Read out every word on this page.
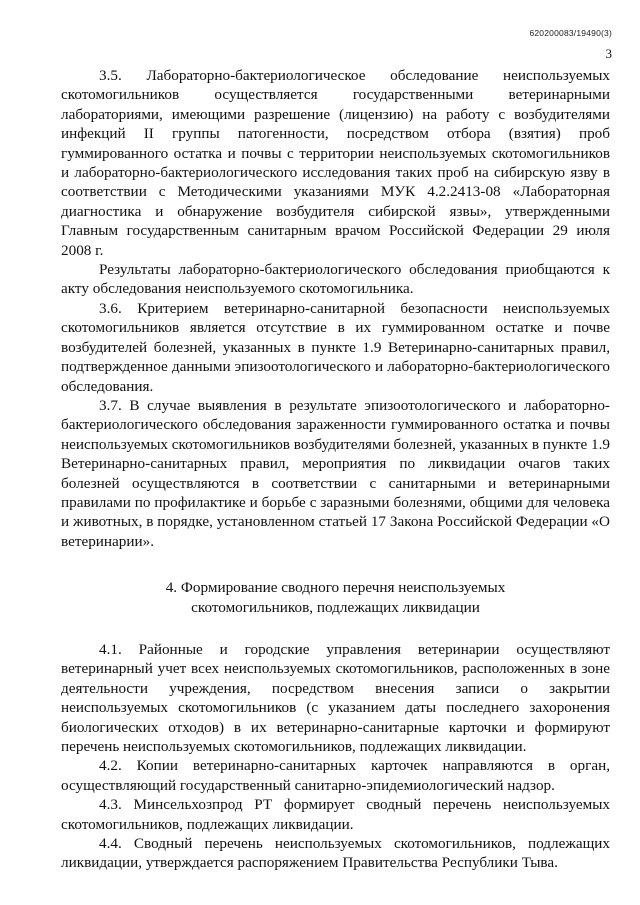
620200083/19490(3)
3

3.5. Лабораторно-бактериологическое обследование неиспользуемых скотомогильников осуществляется государственными ветеринарными лабораториями, имеющими разрешение (лицензию) на работу с возбудителями инфекций II группы патогенности, посредством отбора (взятия) проб гуммированного остатка и почвы с территории неиспользуемых скотомогильников и лабораторно-бактериологического исследования таких проб на сибирскую язву в соответствии с Методическими указаниями МУК 4.2.2413-08 «Лабораторная диагностика и обнаружение возбудителя сибирской язвы», утвержденными Главным государственным санитарным врачом Российской Федерации 29 июля 2008 г.

Результаты лабораторно-бактериологического обследования приобщаются к акту обследования неиспользуемого скотомогильника.

3.6. Критерием ветеринарно-санитарной безопасности неиспользуемых скотомогильников является отсутствие в их гуммированном остатке и почве возбудителей болезней, указанных в пункте 1.9 Ветеринарно-санитарных правил, подтвержденное данными эпизоотологического и лабораторно-бактериологического обследования.

3.7. В случае выявления в результате эпизоотологического и лабораторно-бактериологического обследования зараженности гуммированного остатка и почвы неиспользуемых скотомогильников возбудителями болезней, указанных в пункте 1.9 Ветеринарно-санитарных правил, мероприятия по ликвидации очагов таких болезней осуществляются в соответствии с санитарными и ветеринарными правилами по профилактике и борьбе с заразными болезнями, общими для человека и животных, в порядке, установленном статьей 17 Закона Российской Федерации «О ветеринарии».

4. Формирование сводного перечня неиспользуемых
скотомогильников, подлежащих ликвидации

4.1. Районные и городские управления ветеринарии осуществляют ветеринарный учет всех неиспользуемых скотомогильников, расположенных в зоне деятельности учреждения, посредством внесения записи о закрытии неиспользуемых скотомогильников (с указанием даты последнего захоронения биологических отходов) в их ветеринарно-санитарные карточки и формируют перечень неиспользуемых скотомогильников, подлежащих ликвидации.

4.2. Копии ветеринарно-санитарных карточек направляются в орган, осуществляющий государственный санитарно-эпидемиологический надзор.

4.3. Минсельхозпрод РТ формирует сводный перечень неиспользуемых скотомогильников, подлежащих ликвидации.

4.4. Сводный перечень неиспользуемых скотомогильников, подлежащих ликвидации, утверждается распоряжением Правительства Республики Тыва.
